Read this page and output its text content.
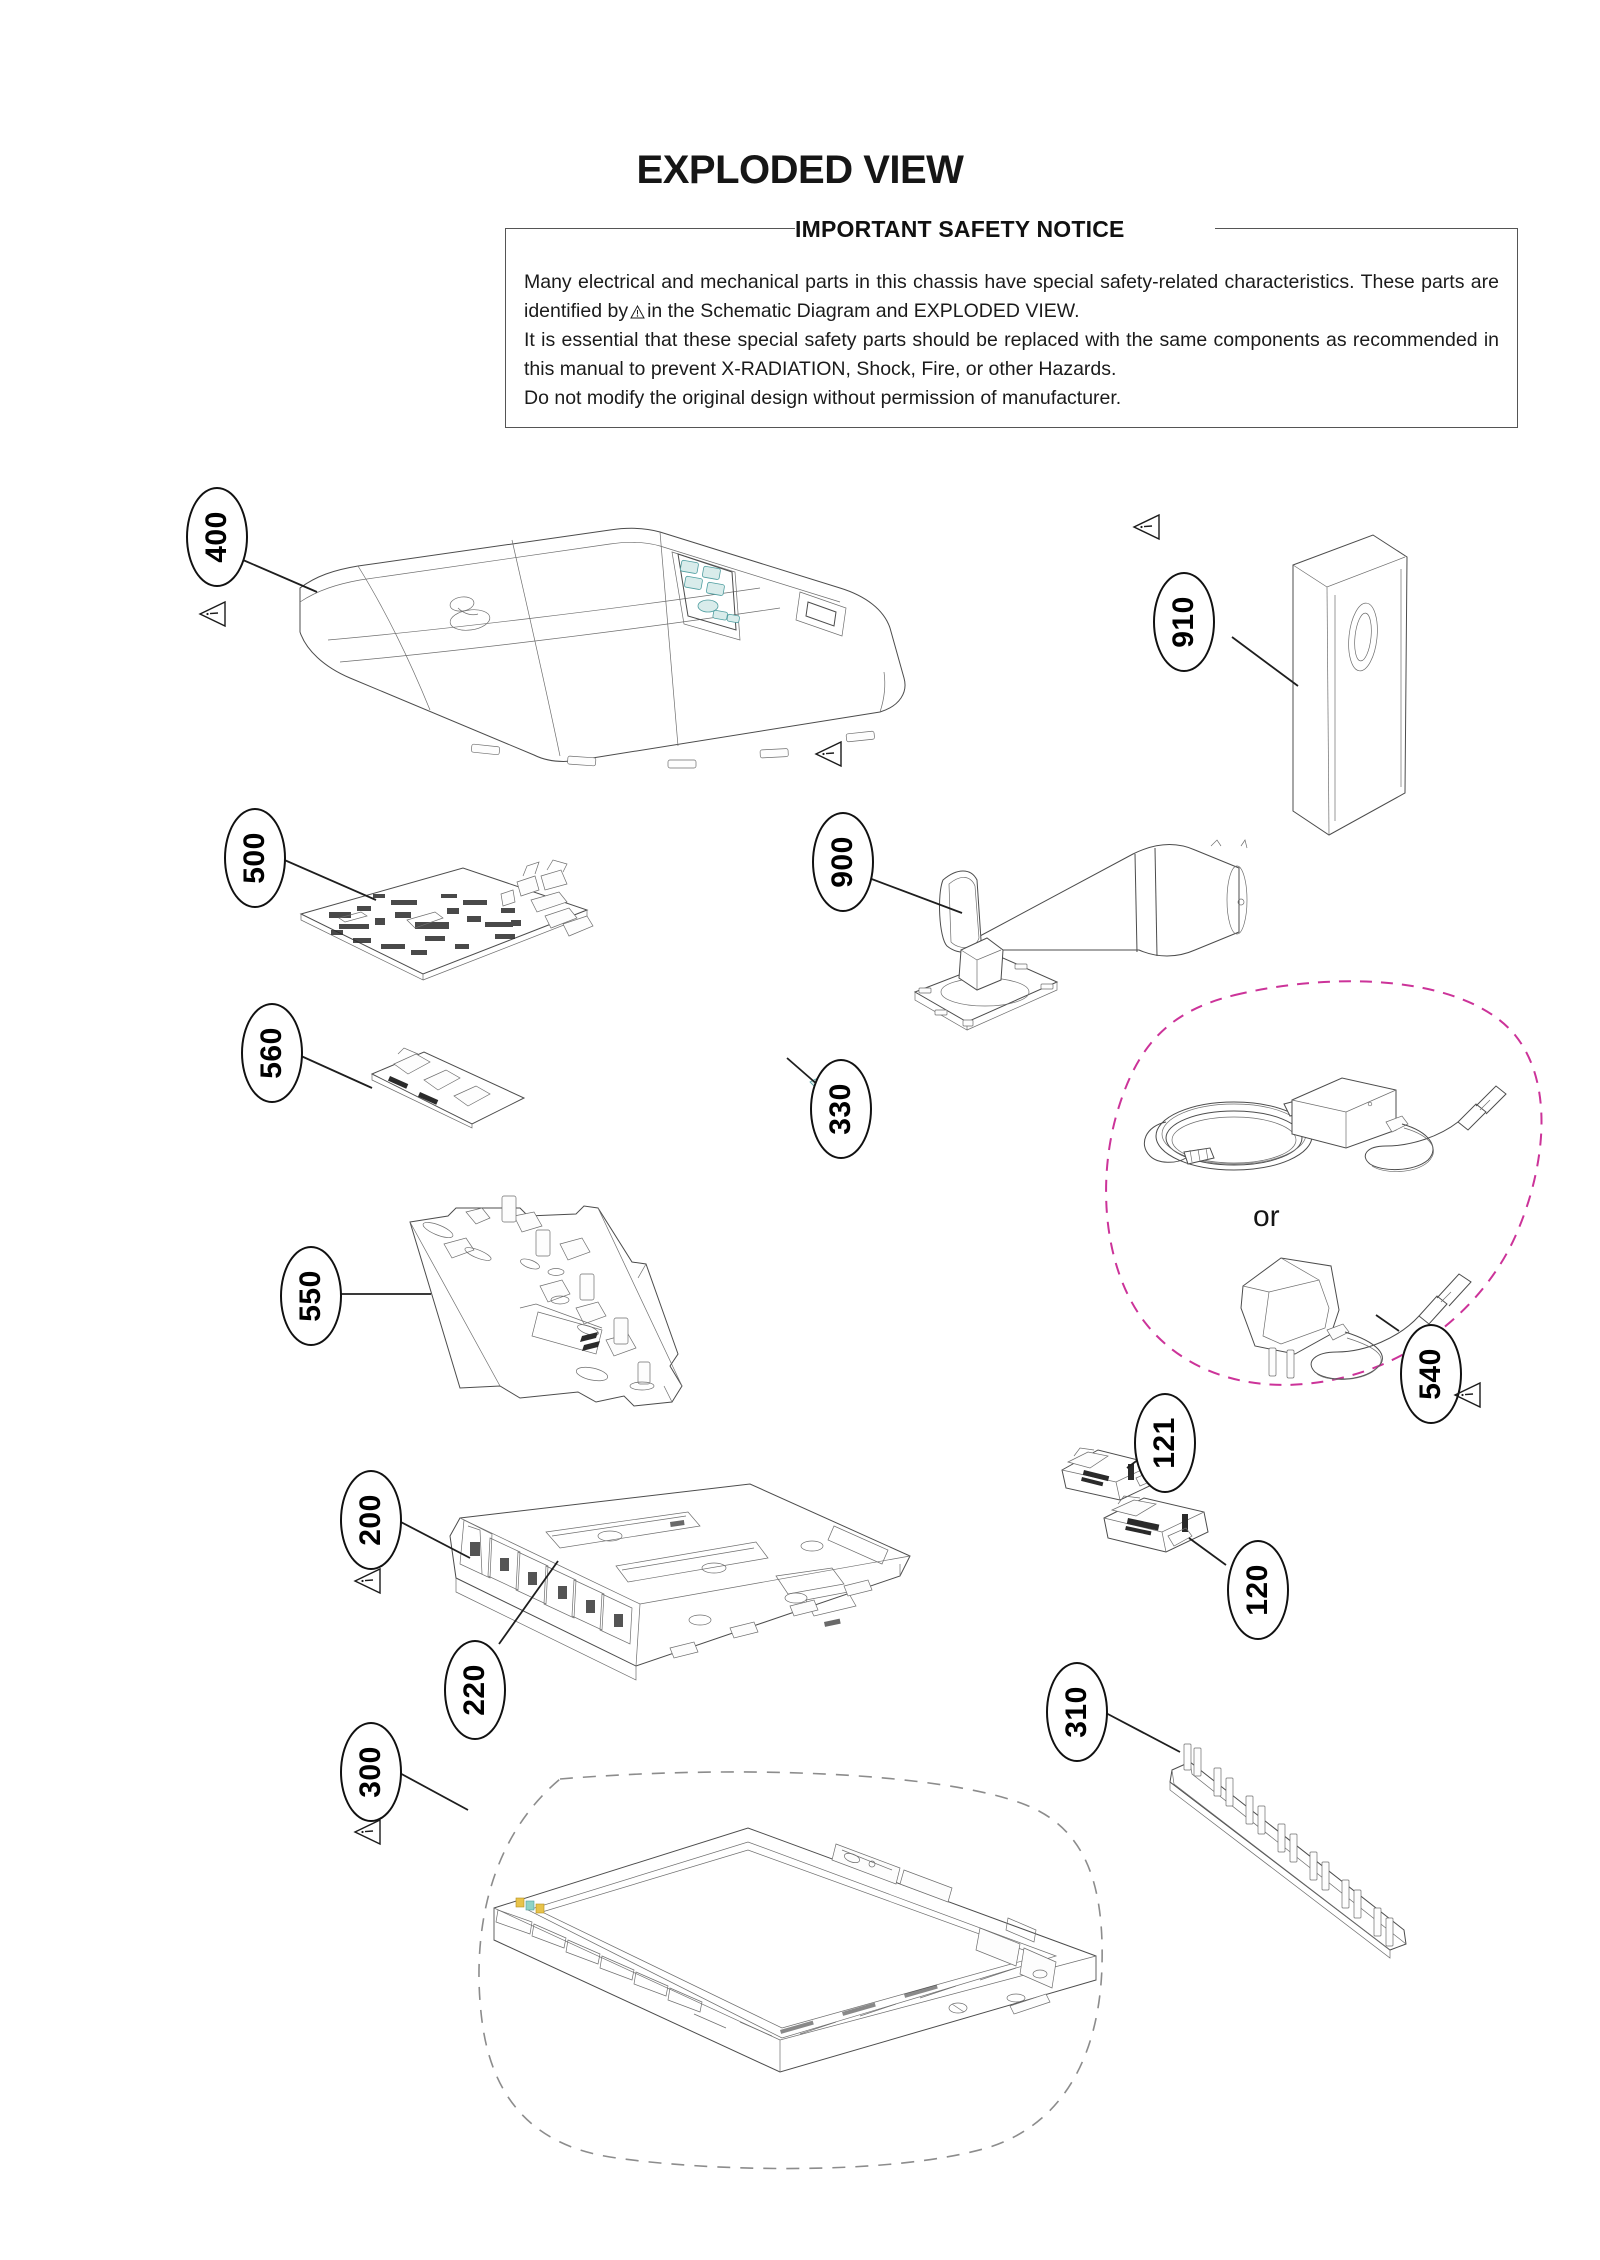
EXPLODED VIEW
IMPORTANT SAFETY NOTICE

Many electrical and mechanical parts in this chassis have special safety-related characteristics. These parts are identified by in the Schematic Diagram and EXPLODED VIEW.

It is essential that these special safety parts should be replaced with the same components as recommended in this manual to prevent X-RADIATION, Shock, Fire, or other Hazards.

Do not modify the original design without permission of manufacturer.

or
400
910
500	900
560
330
550
540
121
120
200
220
300
310
